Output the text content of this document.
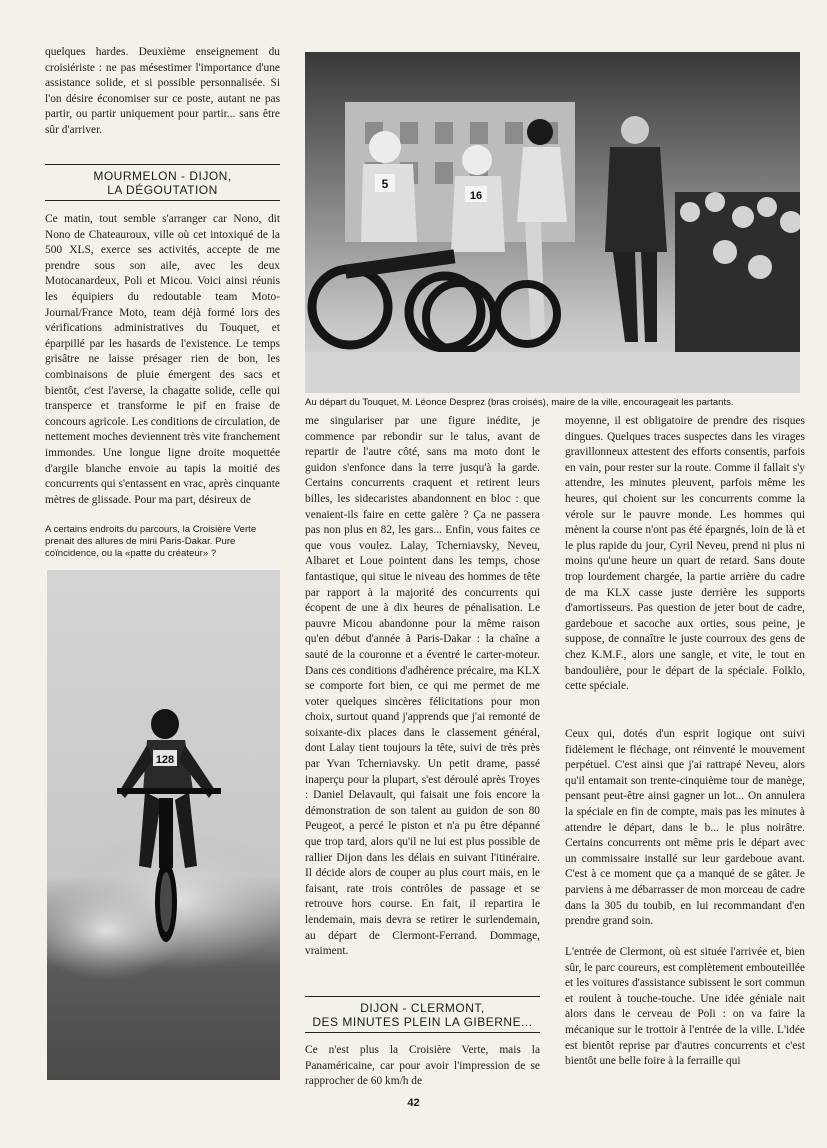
quelques hardes. Deuxième enseignement du croisiériste : ne pas mésestimer l'importance d'une assistance solide, et si possible personnalisée. Si l'on désire économiser sur ce poste, autant ne pas partir, ou partir uniquement pour partir... sans être sûr d'arriver.

MOURMELON - DIJON,
LA DÉGOUTATION

Ce matin, tout semble s'arranger car Nono, dit Nono de Chateauroux, ville où cet intoxiqué de la 500 XLS, exerce ses activités, accepte de me prendre sous son aile, avec les deux Motocanardeux, Poli et Micou. Voici ainsi réunis les équipiers du redoutable team Moto-Journal/France Moto, team déjà formé lors des vérifications administratives du Touquet, et éparpillé par les hasards de l'existence. Le temps grisâtre ne laisse présager rien de bon, les combinaisons de pluie émergent des sacs et bientôt, c'est l'averse, la chagatte solide, celle qui transperce et transforme le pif en fraise de concours agricole. Les conditions de circulation, de nettement moches deviennent très vite franchement immondes. Une longue ligne droite moquettée d'argile blanche envoie au tapis la moitié des concurrents qui s'entassent en vrac, après cinquante mètres de glissade. Pour ma part, désireux de

A certains endroits du parcours, la Croisière Verte prenait des allures de mini Paris-Dakar. Pure coïncidence, ou la «patte du créateur» ?
128
5
16
Au départ du Touquet, M. Léonce Desprez (bras croisés), maire de la ville, encourageait les partants.

me singulariser par une figure inédite, je commence par rebondir sur le talus, avant de repartir de l'autre côté, sans ma moto dont le guidon s'enfonce dans la terre jusqu'à la garde. Certains concurrents craquent et retirent leurs billes, les sidecaristes abandonnent en bloc : que venaient-ils faire en cette galère ? Ça ne passera pas non plus en 82, les gars... Enfin, vous faites ce que vous voulez. Lalay, Tcherniavsky, Neveu, Albaret et Loue pointent dans les temps, chose fantastique, qui situe le niveau des hommes de tête par rapport à la majorité des concurrents qui écopent de une à dix heures de pénalisation. Le pauvre Micou abandonne pour la même raison qu'en début d'année à Paris-Dakar : la chaîne a sauté de la couronne et a éventré le carter-moteur. Dans ces conditions d'adhérence précaire, ma KLX se comporte fort bien, ce qui me permet de me voter quelques sincères félicitations pour mon choix, surtout quand j'apprends que j'ai remonté de soixante-dix places dans le classement général, dont Lalay tient toujours la tête, suivi de très près par Yvan Tcherniavsky. Un petit drame, passé inaperçu pour la plupart, s'est déroulé après Troyes : Daniel Delavault, qui faisait une fois encore la démonstration de son talent au guidon de son 80 Peugeot, a percé le piston et n'a pu être dépanné que trop tard, alors qu'il ne lui est plus possible de rallier Dijon dans les délais en suivant l'itinéraire. Il décide alors de couper au plus court mais, en le faisant, rate trois contrôles de passage et se retrouve hors course. En fait, il repartira le lendemain, mais devra se retirer le surlendemain, au départ de Clermont-Ferrand. Dommage, vraiment.

DIJON - CLERMONT,
DES MINUTES PLEIN LA GIBERNE...

Ce n'est plus la Croisière Verte, mais la Panaméricaine, car pour avoir l'impression de se rapprocher de 60 km/h de

moyenne, il est obligatoire de prendre des risques dingues. Quelques traces suspectes dans les virages gravillonneux attestent des efforts consentis, parfois en vain, pour rester sur la route. Comme il fallait s'y attendre, les minutes pleuvent, parfois même les heures, qui choient sur les concurrents comme la vérole sur le pauvre monde. Les hommes qui mènent la course n'ont pas été épargnés, loin de là et le plus rapide du jour, Cyril Neveu, prend ni plus ni moins qu'une heure un quart de retard. Sans doute trop lourdement chargée, la partie arrière du cadre de ma KLX casse juste derrière les supports d'amortisseurs. Pas question de jeter bout de cadre, gardeboue et sacoche aux orties, sous peine, je suppose, de connaître le juste courroux des gens de chez K.M.F., alors une sangle, et vite, le tout en bandoulière, pour le départ de la spéciale. Folklo, cette spéciale.

Ceux qui, dotés d'un esprit logique ont suivi fidèlement le fléchage, ont réinventé le mouvement perpétuel. C'est ainsi que j'ai rattrapé Neveu, alors qu'il entamait son trente-cinquième tour de manège, pensant peut-être ainsi gagner un lot... On annulera la spéciale en fin de compte, mais pas les minutes à attendre le départ, dans le b... le plus noirâtre. Certains concurrents ont même pris le départ avec un commissaire installé sur leur gardeboue avant. C'est à ce moment que ça a manqué de se gâter. Je parviens à me débarrasser de mon morceau de cadre dans la 305 du toubib, en lui recommandant d'en prendre grand soin.

L'entrée de Clermont, où est située l'arrivée et, bien sûr, le parc coureurs, est complètement embouteillée et les voitures d'assistance subissent le sort commun et roulent à touche-touche. Une idée géniale nait alors dans le cerveau de Poli : on va faire la mécanique sur le trottoir à l'entrée de la ville. L'idée est bientôt reprise par d'autres concurrents et c'est bientôt une belle foire à la ferraille qui

42
